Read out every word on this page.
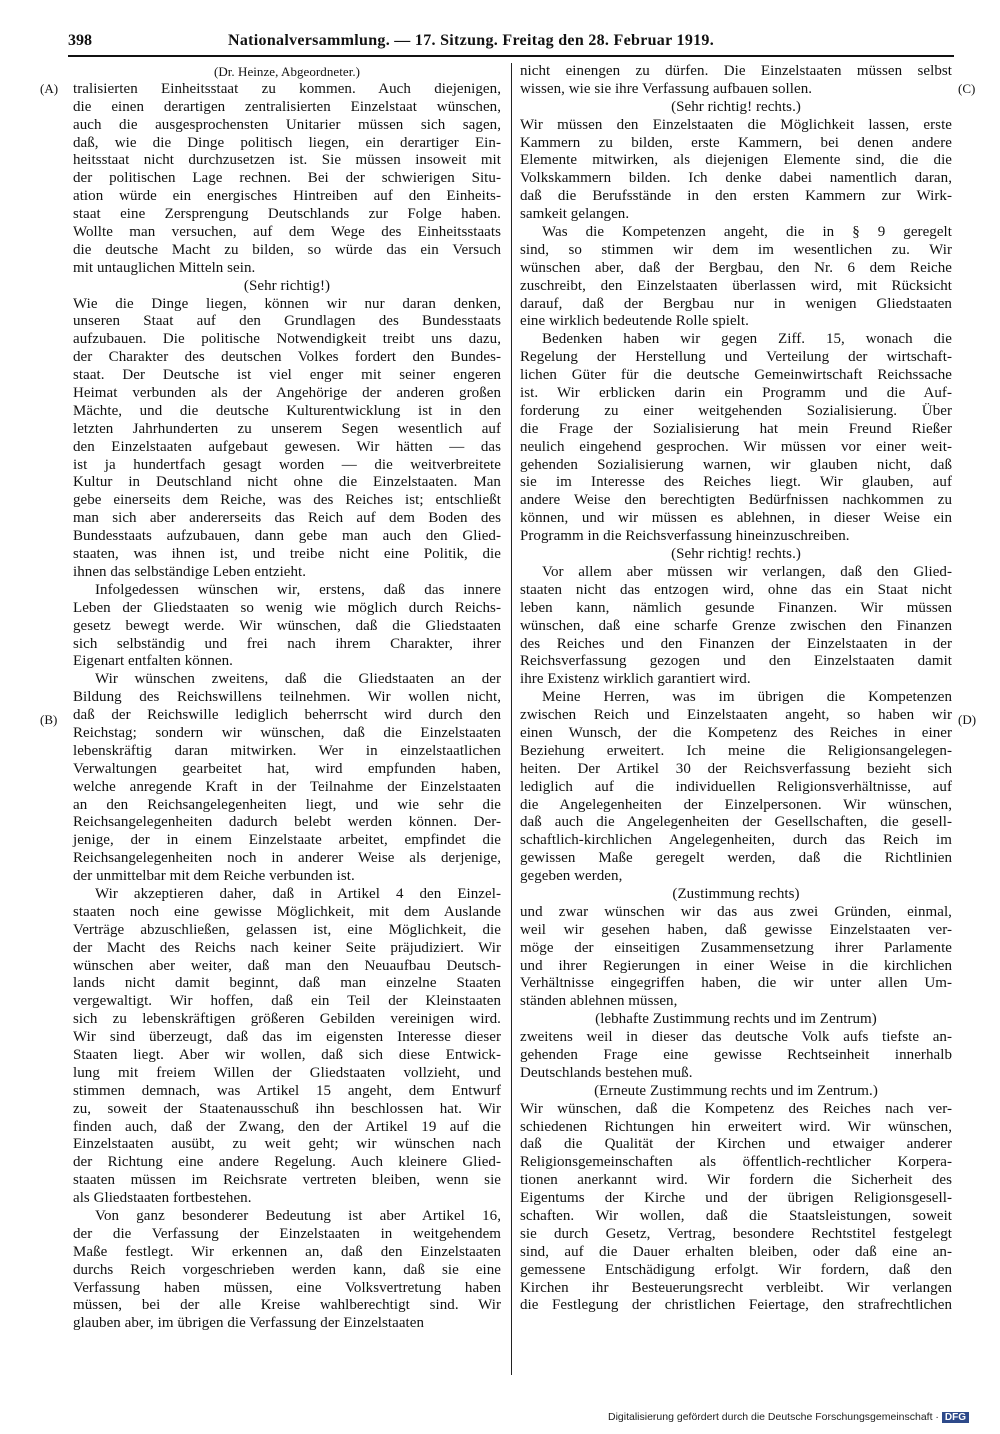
398	Nationalversammlung. — 17. Sitzung. Freitag den 28. Februar 1919.
(A)
(B)
(C)
(D)
(Dr. Heinze, Abgeordneter.)
tralisierten Einheitsstaat zu kommen. Auch diejenigen,
die einen derartigen zentralisierten Einzelstaat wünschen,
auch die ausgesprochensten Unitarier müssen sich sagen,
daß, wie die Dinge politisch liegen, ein derartiger Ein-
heitsstaat nicht durchzusetzen ist. Sie müssen insoweit mit
der politischen Lage rechnen. Bei der schwierigen Situ-
ation würde ein energisches Hintreiben auf den Einheits-
staat eine Zersprengung Deutschlands zur Folge haben.
Wollte man versuchen, auf dem Wege des Einheitsstaats
die deutsche Macht zu bilden, so würde das ein Versuch
mit untauglichen Mitteln sein.
(Sehr richtig!)
Wie die Dinge liegen, können wir nur daran denken,
unseren Staat auf den Grundlagen des Bundesstaats
aufzubauen. Die politische Notwendigkeit treibt uns dazu,
der Charakter des deutschen Volkes fordert den Bundes-
staat. Der Deutsche ist viel enger mit seiner engeren
Heimat verbunden als der Angehörige der anderen großen
Mächte, und die deutsche Kulturentwicklung ist in den
letzten Jahrhunderten zu unserem Segen wesentlich auf
den Einzelstaaten aufgebaut gewesen. Wir hätten — das
ist ja hundertfach gesagt worden — die weitverbreitete
Kultur in Deutschland nicht ohne die Einzelstaaten. Man
gebe einerseits dem Reiche, was des Reiches ist; entschließt
man sich aber andererseits das Reich auf dem Boden des
Bundesstaats aufzubauen, dann gebe man auch den Glied-
staaten, was ihnen ist, und treibe nicht eine Politik, die
ihnen das selbständige Leben entzieht.
Infolgedessen wünschen wir, erstens, daß das innere
Leben der Gliedstaaten so wenig wie möglich durch Reichs-
gesetz bewegt werde. Wir wünschen, daß die Gliedstaaten
sich selbständig und frei nach ihrem Charakter, ihrer
Eigenart entfalten können.
Wir wünschen zweitens, daß die Gliedstaaten an der
Bildung des Reichswillens teilnehmen. Wir wollen nicht,
daß der Reichswille lediglich beherrscht wird durch den
Reichstag; sondern wir wünschen, daß die Einzelstaaten
lebenskräftig daran mitwirken. Wer in einzelstaatlichen
Verwaltungen gearbeitet hat, wird empfunden haben,
welche anregende Kraft in der Teilnahme der Einzelstaaten
an den Reichsangelegenheiten liegt, und wie sehr die
Reichsangelegenheiten dadurch belebt werden können. Der-
jenige, der in einem Einzelstaate arbeitet, empfindet die
Reichsangelegenheiten noch in anderer Weise als derjenige,
der unmittelbar mit dem Reiche verbunden ist.
Wir akzeptieren daher, daß in Artikel 4 den Einzel-
staaten noch eine gewisse Möglichkeit, mit dem Auslande
Verträge abzuschließen, gelassen ist, eine Möglichkeit, die
der Macht des Reichs nach keiner Seite präjudiziert. Wir
wünschen aber weiter, daß man den Neuaufbau Deutsch-
lands nicht damit beginnt, daß man einzelne Staaten
vergewaltigt. Wir hoffen, daß ein Teil der Kleinstaaten
sich zu lebenskräftigen größeren Gebilden vereinigen wird.
Wir sind überzeugt, daß das im eigensten Interesse dieser
Staaten liegt. Aber wir wollen, daß sich diese Entwick-
lung mit freiem Willen der Gliedstaaten vollzieht, und
stimmen demnach, was Artikel 15 angeht, dem Entwurf
zu, soweit der Staatenausschuß ihn beschlossen hat. Wir
finden auch, daß der Zwang, den der Artikel 19 auf die
Einzelstaaten ausübt, zu weit geht; wir wünschen nach
der Richtung eine andere Regelung. Auch kleinere Glied-
staaten müssen im Reichsrate vertreten bleiben, wenn sie
als Gliedstaaten fortbestehen.
Von ganz besonderer Bedeutung ist aber Artikel 16,
der die Verfassung der Einzelstaaten in weitgehendem
Maße festlegt. Wir erkennen an, daß den Einzelstaaten
durchs Reich vorgeschrieben werden kann, daß sie eine
Verfassung haben müssen, eine Volksvertretung haben
müssen, bei der alle Kreise wahlberechtigt sind. Wir
glauben aber, im übrigen die Verfassung der Einzelstaaten
nicht einengen zu dürfen. Die Einzelstaaten müssen selbst
wissen, wie sie ihre Verfassung aufbauen sollen.
(Sehr richtig! rechts.)
Wir müssen den Einzelstaaten die Möglichkeit lassen, erste
Kammern zu bilden, erste Kammern, bei denen andere
Elemente mitwirken, als diejenigen Elemente sind, die die
Volkskammern bilden. Ich denke dabei namentlich daran,
daß die Berufsstände in den ersten Kammern zur Wirk-
samkeit gelangen.
Was die Kompetenzen angeht, die in § 9 geregelt
sind, so stimmen wir dem im wesentlichen zu. Wir
wünschen aber, daß der Bergbau, den Nr. 6 dem Reiche
zuschreibt, den Einzelstaaten überlassen wird, mit Rücksicht
darauf, daß der Bergbau nur in wenigen Gliedstaaten
eine wirklich bedeutende Rolle spielt.
Bedenken haben wir gegen Ziff. 15, wonach die
Regelung der Herstellung und Verteilung der wirtschaft-
lichen Güter für die deutsche Gemeinwirtschaft Reichssache
ist. Wir erblicken darin ein Programm und die Auf-
forderung zu einer weitgehenden Sozialisierung. Über
die Frage der Sozialisierung hat mein Freund Rießer
neulich eingehend gesprochen. Wir müssen vor einer weit-
gehenden Sozialisierung warnen, wir glauben nicht, daß
sie im Interesse des Reiches liegt. Wir glauben, auf
andere Weise den berechtigten Bedürfnissen nachkommen zu
können, und wir müssen es ablehnen, in dieser Weise ein
Programm in die Reichsverfassung hineinzuschreiben.
(Sehr richtig! rechts.)
Vor allem aber müssen wir verlangen, daß den Glied-
staaten nicht das entzogen wird, ohne das ein Staat nicht
leben kann, nämlich gesunde Finanzen. Wir müssen
wünschen, daß eine scharfe Grenze zwischen den Finanzen
des Reiches und den Finanzen der Einzelstaaten in der
Reichsverfassung gezogen und den Einzelstaaten damit
ihre Existenz wirklich garantiert wird.
Meine Herren, was im übrigen die Kompetenzen
zwischen Reich und Einzelstaaten angeht, so haben wir
einen Wunsch, der die Kompetenz des Reiches in einer
Beziehung erweitert. Ich meine die Religionsangelegen-
heiten. Der Artikel 30 der Reichsverfassung bezieht sich
lediglich auf die individuellen Religionsverhältnisse, auf
die Angelegenheiten der Einzelpersonen. Wir wünschen,
daß auch die Angelegenheiten der Gesellschaften, die gesell-
schaftlich-kirchlichen Angelegenheiten, durch das Reich im
gewissen Maße geregelt werden, daß die Richtlinien
gegeben werden,
(Zustimmung rechts)
und zwar wünschen wir das aus zwei Gründen, einmal,
weil wir gesehen haben, daß gewisse Einzelstaaten ver-
möge der einseitigen Zusammensetzung ihrer Parlamente
und ihrer Regierungen in einer Weise in die kirchlichen
Verhältnisse eingegriffen haben, die wir unter allen Um-
ständen ablehnen müssen,
(lebhafte Zustimmung rechts und im Zentrum)
zweitens weil in dieser das deutsche Volk aufs tiefste an-
gehenden Frage eine gewisse Rechtseinheit innerhalb
Deutschlands bestehen muß.
(Erneute Zustimmung rechts und im Zentrum.)
Wir wünschen, daß die Kompetenz des Reiches nach ver-
schiedenen Richtungen hin erweitert wird. Wir wünschen,
daß die Qualität der Kirchen und etwaiger anderer
Religionsgemeinschaften als öffentlich-rechtlicher Korpera-
tionen anerkannt wird. Wir fordern die Sicherheit des
Eigentums der Kirche und der übrigen Religionsgesell-
schaften. Wir wollen, daß die Staatsleistungen, soweit
sie durch Gesetz, Vertrag, besondere Rechtstitel festgelegt
sind, auf die Dauer erhalten bleiben, oder daß eine an-
gemessene Entschädigung erfolgt. Wir fordern, daß den
Kirchen ihr Besteuerungsrecht verbleibt. Wir verlangen
die Festlegung der christlichen Feiertage, den strafrechtlichen
Digitalisierung gefördert durch die Deutsche Forschungsgemeinschaft · DFG
